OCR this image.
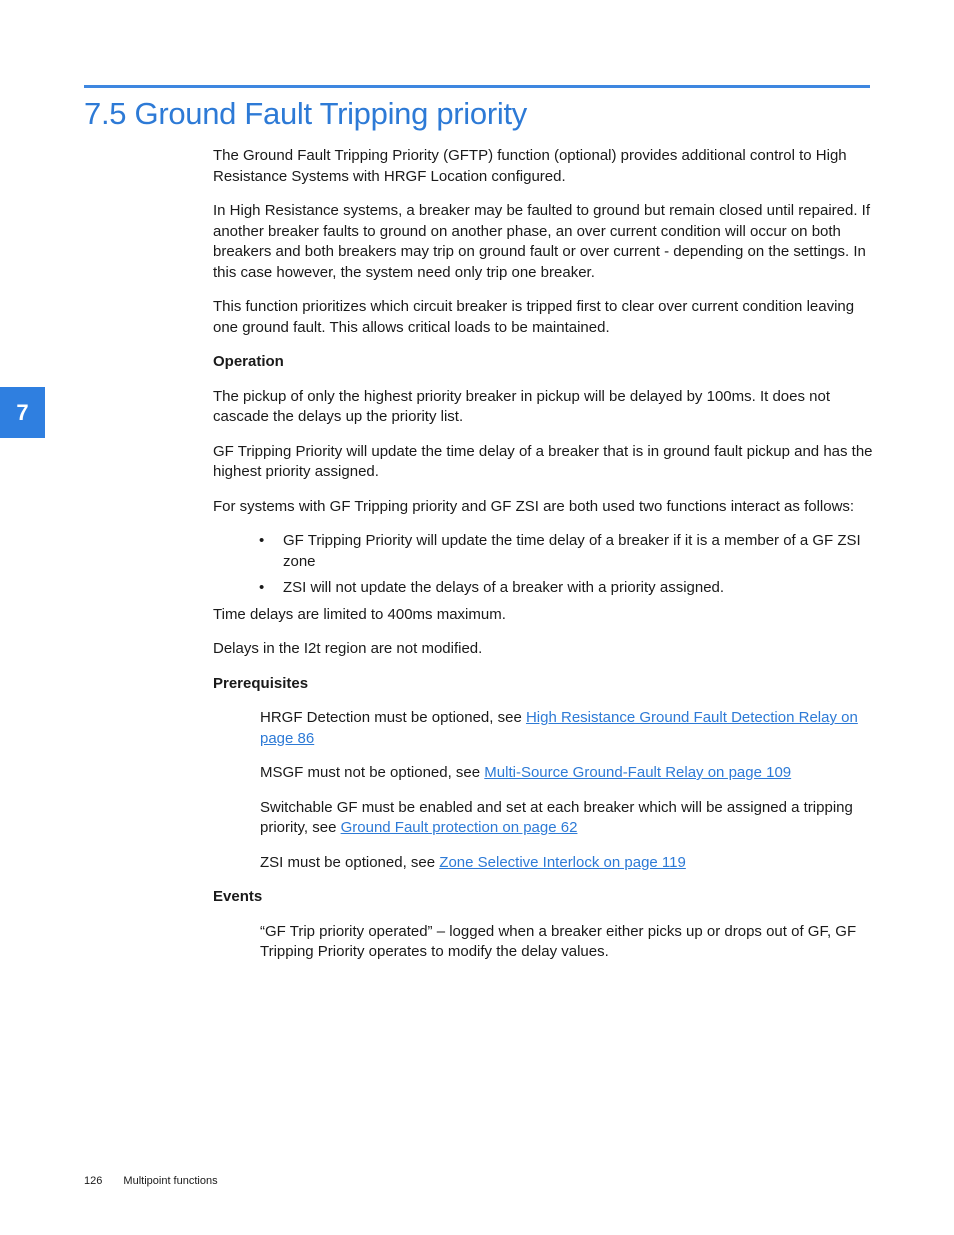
7.5 Ground Fault Tripping priority
7

The Ground Fault Tripping Priority (GFTP) function (optional) provides additional control to High Resistance Systems with HRGF Location configured.

In High Resistance systems, a breaker may be faulted to ground but remain closed until repaired. If another breaker faults to ground on another phase, an over current condition will occur on both breakers and both breakers may trip on ground fault or over current - depending on the settings. In this case however, the system need only trip one breaker.

This function prioritizes which circuit breaker is tripped first to clear over current condition leaving one ground fault. This allows critical loads to be maintained.

Operation

The pickup of only the highest priority breaker in pickup will be delayed by 100ms. It does not cascade the delays up the priority list.

GF Tripping Priority will update the time delay of a breaker that is in ground fault pickup and has the highest priority assigned.

For systems with GF Tripping priority and GF ZSI are both used two functions interact as follows:

• GF Tripping Priority will update the time delay of a breaker if it is a member of a GF ZSI zone
• ZSI will not update the delays of a breaker with a priority assigned.

Time delays are limited to 400ms maximum.

Delays in the I2t region are not modified.

Prerequisites

HRGF Detection must be optioned, see High Resistance Ground Fault Detection Relay on page 86

MSGF must not be optioned, see Multi-Source Ground-Fault Relay on page 109

Switchable GF must be enabled and set at each breaker which will be assigned a tripping priority, see Ground Fault protection on page 62

ZSI must be optioned, see Zone Selective Interlock on page 119

Events

“GF Trip priority operated” – logged when a breaker either picks up or drops out of GF, GF Tripping Priority operates to modify the delay values.

126 Multipoint functions
